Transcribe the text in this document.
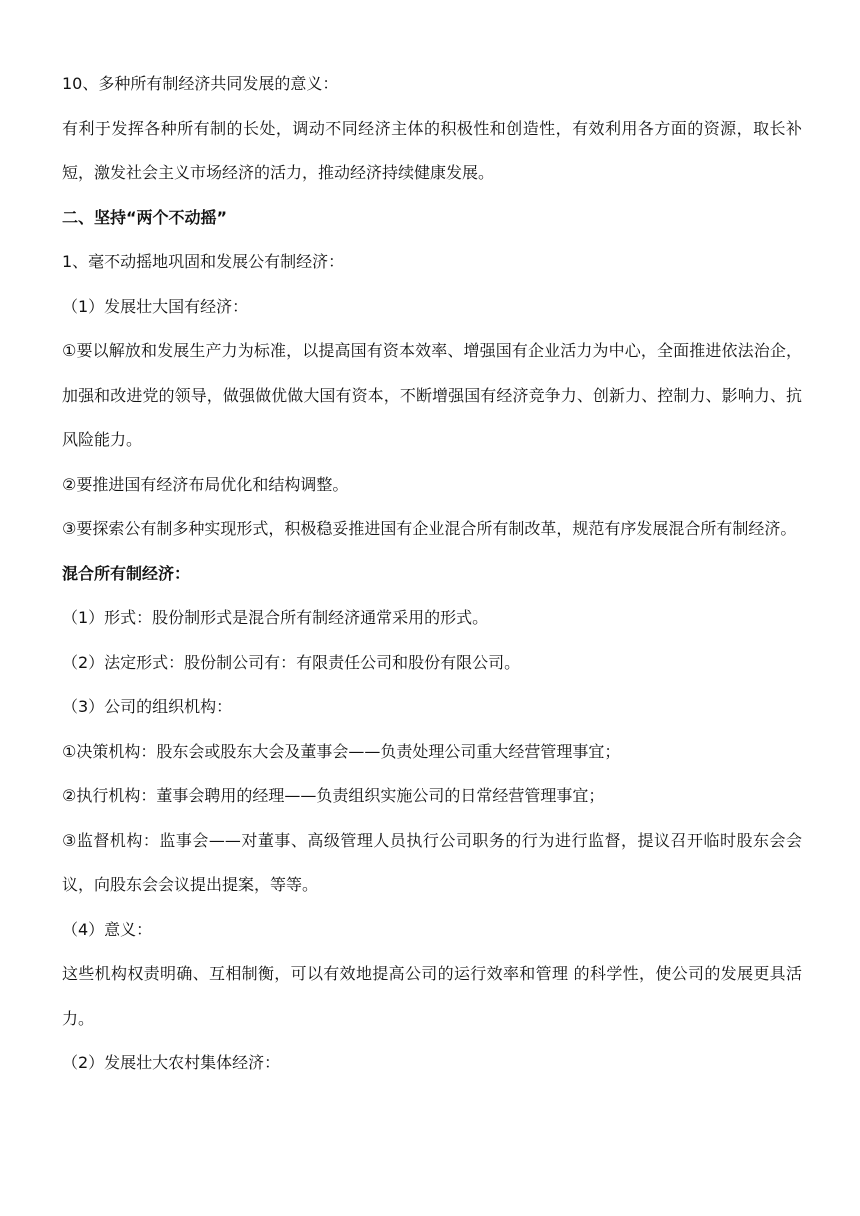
10、多种所有制经济共同发展的意义：
有利于发挥各种所有制的长处，调动不同经济主体的积极性和创造性，有效利用各方面的资源，取长补短，激发社会主义市场经济的活力，推动经济持续健康发展。
二、坚持“两个不动摇”
1、毫不动摇地巩固和发展公有制经济：
（1）发展壮大国有经济：
①要以解放和发展生产力为标准，以提高国有资本效率、增强国有企业活力为中心，全面推进依法治企，加强和改进党的领导，做强做优做大国有资本，不断增强国有经济竞争力、创新力、控制力、影响力、抗风险能力。
②要推进国有经济布局优化和结构调整。
③要探索公有制多种实现形式，积极稳妥推进国有企业混合所有制改革，规范有序发展混合所有制经济。
混合所有制经济：
（1）形式：股份制形式是混合所有制经济通常采用的形式。
（2）法定形式：股份制公司有：有限责任公司和股份有限公司。
（3）公司的组织机构：
①决策机构：股东会或股东大会及董事会——负责处理公司重大经营管理事宜；
②执行机构：董事会聘用的经理——负责组织实施公司的日常经营管理事宜；
③监督机构：监事会——对董事、高级管理人员执行公司职务的行为进行监督，提议召开临时股东会会议，向股东会会议提出提案，等等。
（4）意义：
这些机构权责明确、互相制衡，可以有效地提高公司的运行效率和管理 的科学性，使公司的发展更具活力。
（2）发展壮大农村集体经济：
